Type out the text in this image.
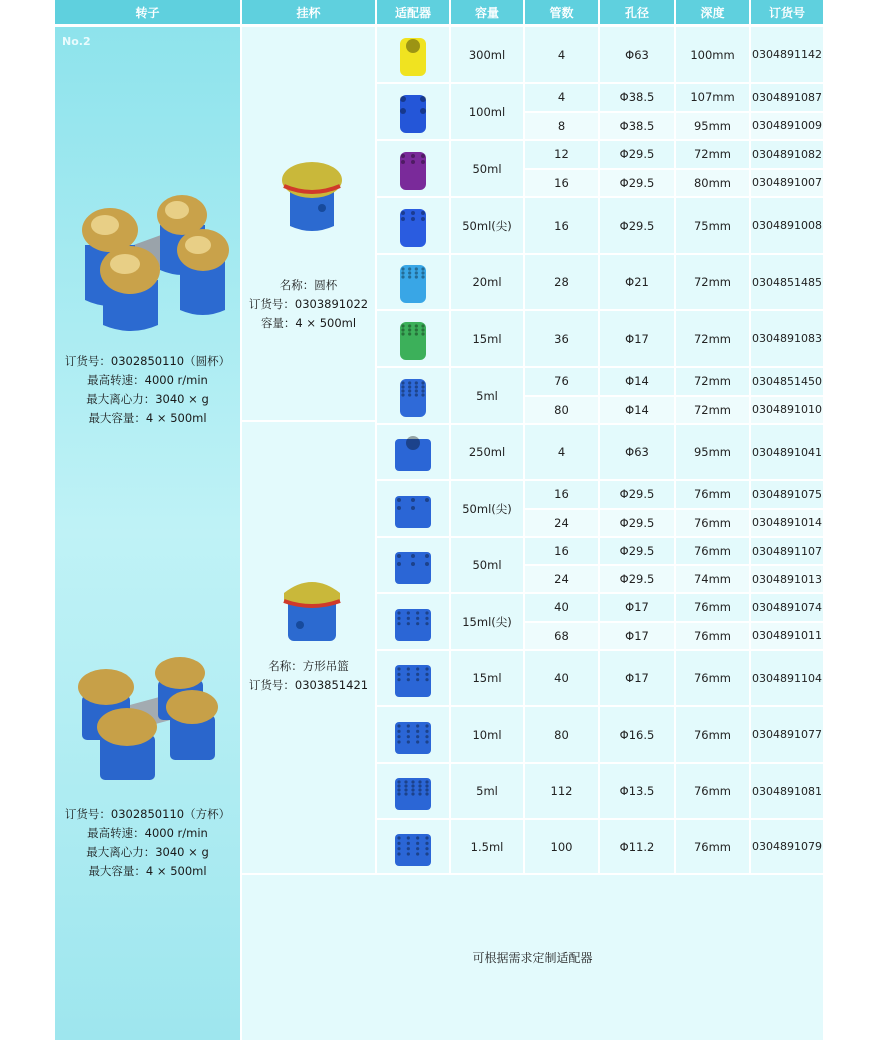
转子	挂杯	适配器	容量	管数	孔径	深度	订货号
No.2
订货号：0302850110（圆杯）
最高转速：4000 r/min
最大离心力：3040 × g
最大容量：4 × 500ml
订货号：0302850110（方杯）
最高转速：4000 r/min
最大离心力：3040 × g
最大容量：4 × 500ml
名称：圆杯
订货号：0303891022
容量：4 × 500ml
名称：方形吊篮
订货号：0303851421
300ml	4	Φ63	100mm	0304891142
100ml
4	Φ38.5	107mm	0304891087
8	Φ38.5	95mm	0304891009
50ml
12	Φ29.5	72mm	0304891082
16	Φ29.5	80mm	0304891007
50ml(尖)	16	Φ29.5	75mm	0304891008
20ml	28	Φ21	72mm	0304851485
15ml	36	Φ17	72mm	0304891083
5ml
76	Φ14	72mm	0304851450
80	Φ14	72mm	0304891010
250ml	4	Φ63	95mm	0304891041
50ml(尖)
16	Φ29.5	76mm	0304891075
24	Φ29.5	76mm	0304891014
50ml
16	Φ29.5	76mm	0304891107
24	Φ29.5	74mm	0304891013
15ml(尖)
40	Φ17	76mm	0304891074
68	Φ17	76mm	0304891011
15ml	40	Φ17	76mm	0304891104
10ml	80	Φ16.5	76mm	0304891077
5ml	112	Φ13.5	76mm	0304891081
1.5ml	100	Φ11.2	76mm	0304891079
可根据需求定制适配器
